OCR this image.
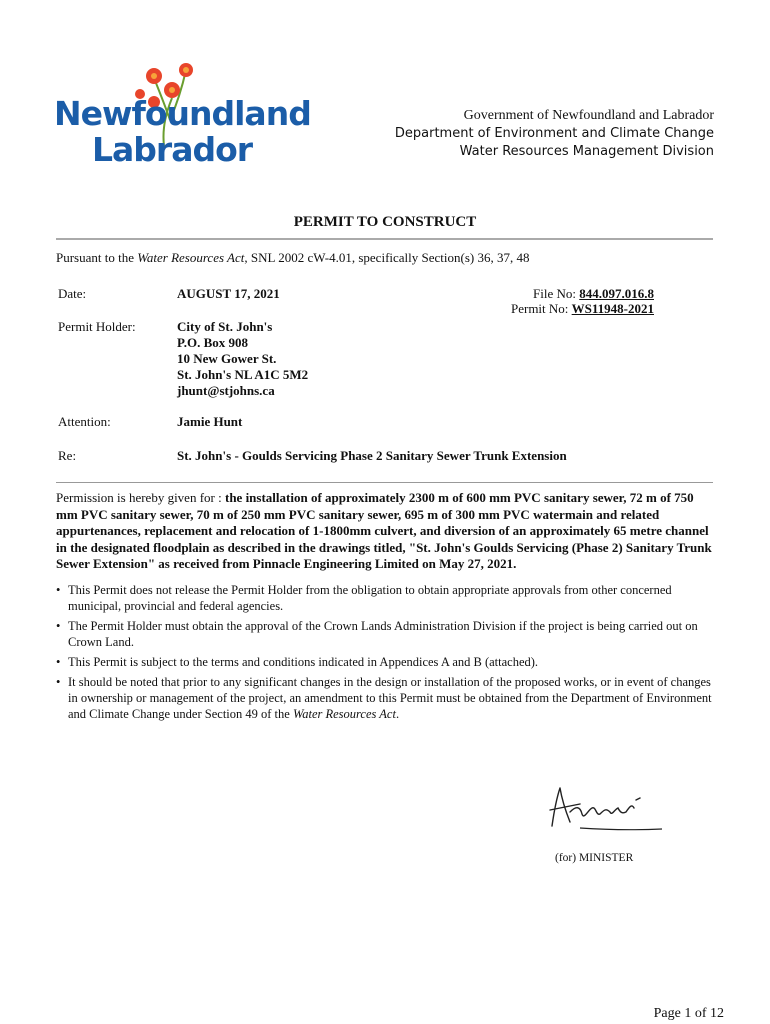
Newfoundland
Labrador
Government of Newfoundland and Labrador
Department of Environment and Climate Change
Water Resources Management Division
PERMIT TO CONSTRUCT
Pursuant to the Water Resources Act, SNL 2002 cW-4.01, specifically Section(s) 36, 37, 48
Date:	AUGUST 17, 2021	File No: 844.097.016.8
Permit No: WS11948-2021
Permit Holder:	City of St. John's
P.O. Box 908
10 New Gower St.
St. John's NL A1C 5M2
jhunt@stjohns.ca
Attention:	Jamie Hunt
Re:	St. John's - Goulds Servicing Phase 2 Sanitary Sewer Trunk Extension
Permission is hereby given for : the installation of approximately 2300 m of 600 mm PVC sanitary sewer, 72 m of 750 mm PVC sanitary sewer, 70 m of 250 mm PVC sanitary sewer, 695 m of 300 mm PVC watermain and related appurtenances, replacement and relocation of 1-1800mm culvert, and diversion of an approximately 65 metre channel in the designated floodplain as described in the drawings titled, "St. John's Goulds Servicing (Phase 2) Sanitary Trunk Sewer Extension" as received from Pinnacle Engineering Limited on May 27, 2021.
• This Permit does not release the Permit Holder from the obligation to obtain appropriate approvals from other concerned municipal, provincial and federal agencies.
• The Permit Holder must obtain the approval of the Crown Lands Administration Division if the project is being carried out on Crown Land.
• This Permit is subject to the terms and conditions indicated in Appendices A and B (attached).
• It should be noted that prior to any significant changes in the design or installation of the proposed works, or in event of changes in ownership or management of the project, an amendment to this Permit must be obtained from the Department of Environment and Climate Change under Section 49 of the Water Resources Act.
(for) MINISTER
Page 1 of 12
